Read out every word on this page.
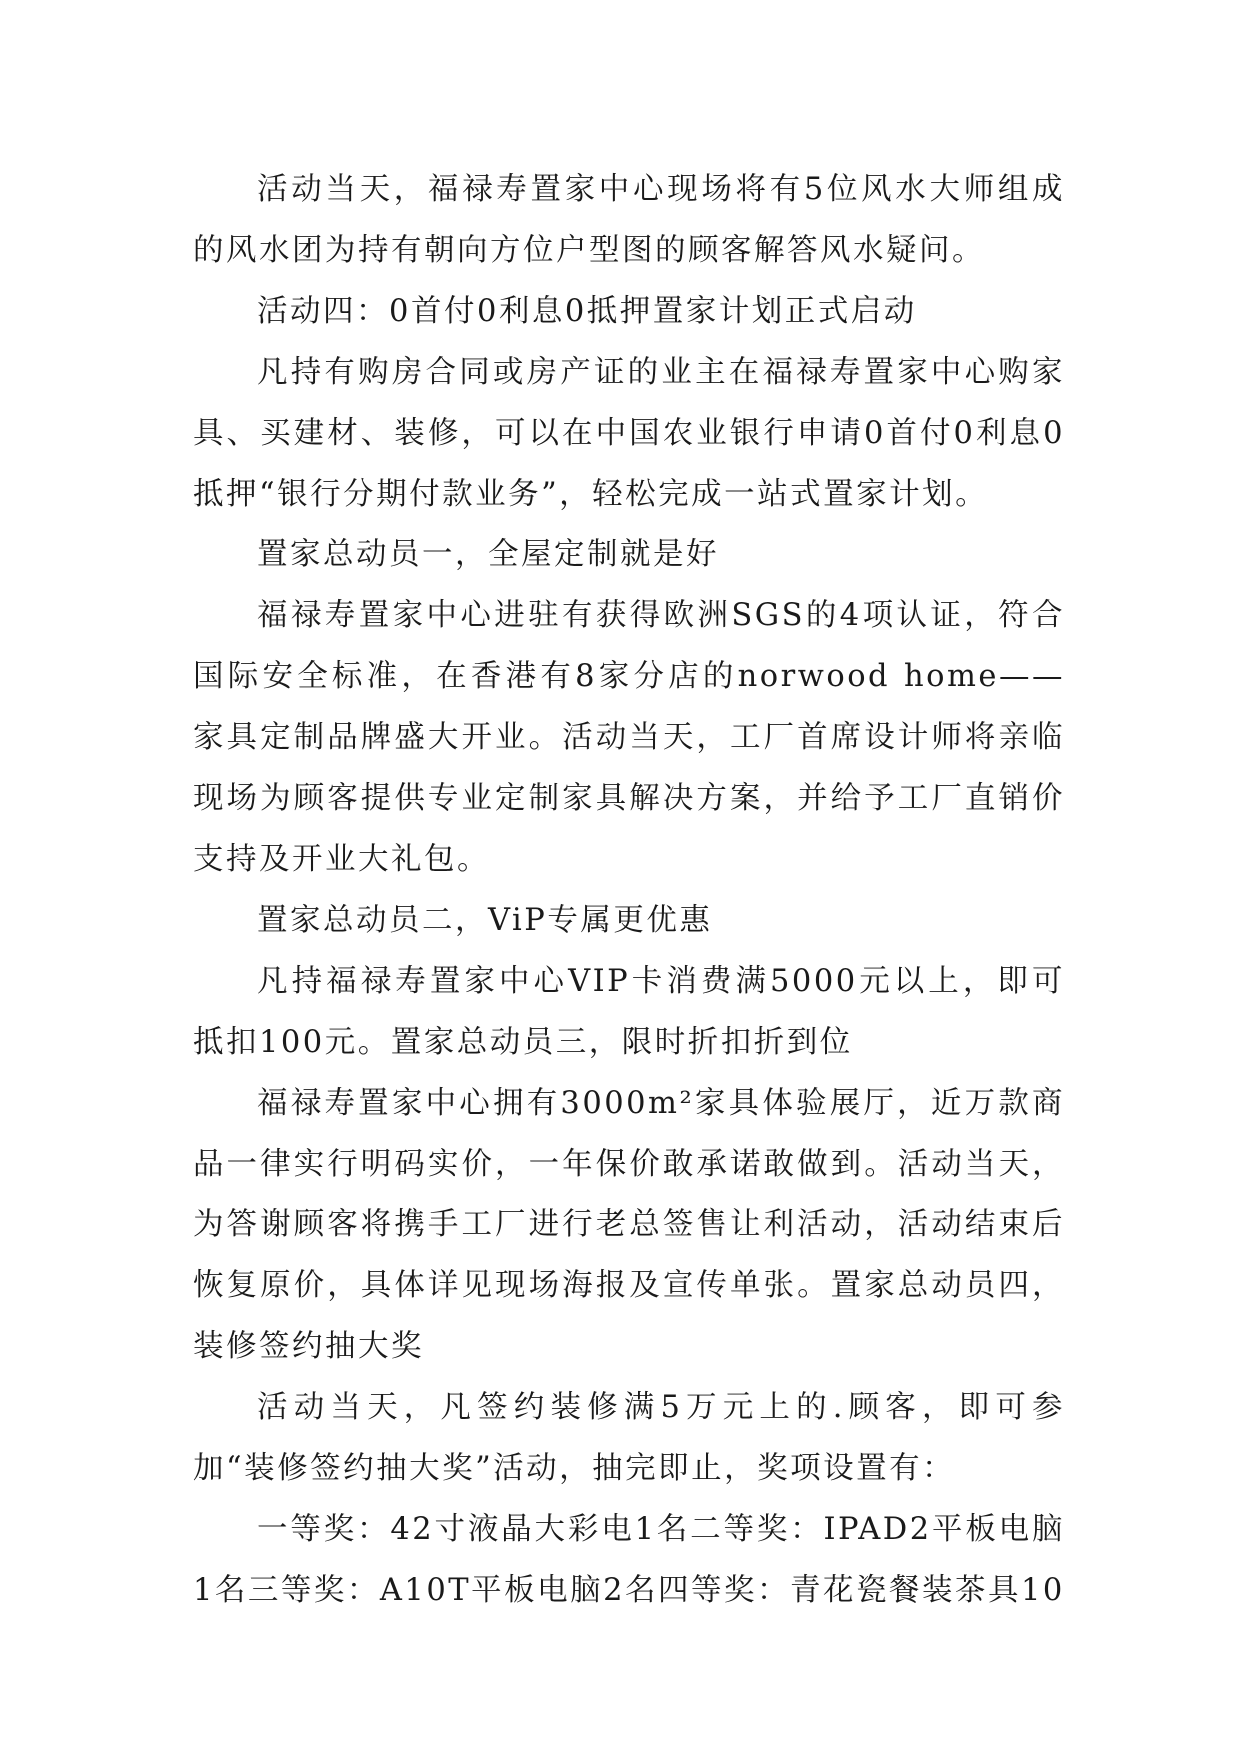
活动当天，福禄寿置家中心现场将有5位风水大师组成的风水团为持有朝向方位户型图的顾客解答风水疑问。

活动四：0首付0利息0抵押置家计划正式启动

凡持有购房合同或房产证的业主在福禄寿置家中心购家具、买建材、装修，可以在中国农业银行申请0首付0利息0抵押“银行分期付款业务”，轻松完成一站式置家计划。

置家总动员一，全屋定制就是好

福禄寿置家中心进驻有获得欧洲SGS的4项认证，符合国际安全标准，在香港有8家分店的norwood home——家具定制品牌盛大开业。活动当天，工厂首席设计师将亲临现场为顾客提供专业定制家具解决方案，并给予工厂直销价支持及开业大礼包。

置家总动员二，ViP专属更优惠

凡持福禄寿置家中心VIP卡消费满5000元以上，即可抵扣100元。置家总动员三，限时折扣折到位

福禄寿置家中心拥有3000m²家具体验展厅，近万款商品一律实行明码实价，一年保价敢承诺敢做到。活动当天，为答谢顾客将携手工厂进行老总签售让利活动，活动结束后恢复原价，具体详见现场海报及宣传单张。置家总动员四，装修签约抽大奖

活动当天，凡签约装修满5万元上的.顾客，即可参加“装修签约抽大奖”活动，抽完即止，奖项设置有：

一等奖：42寸液晶大彩电1名二等奖：IPAD2平板电脑1名三等奖：A10T平板电脑2名四等奖：青花瓷餐装茶具10
